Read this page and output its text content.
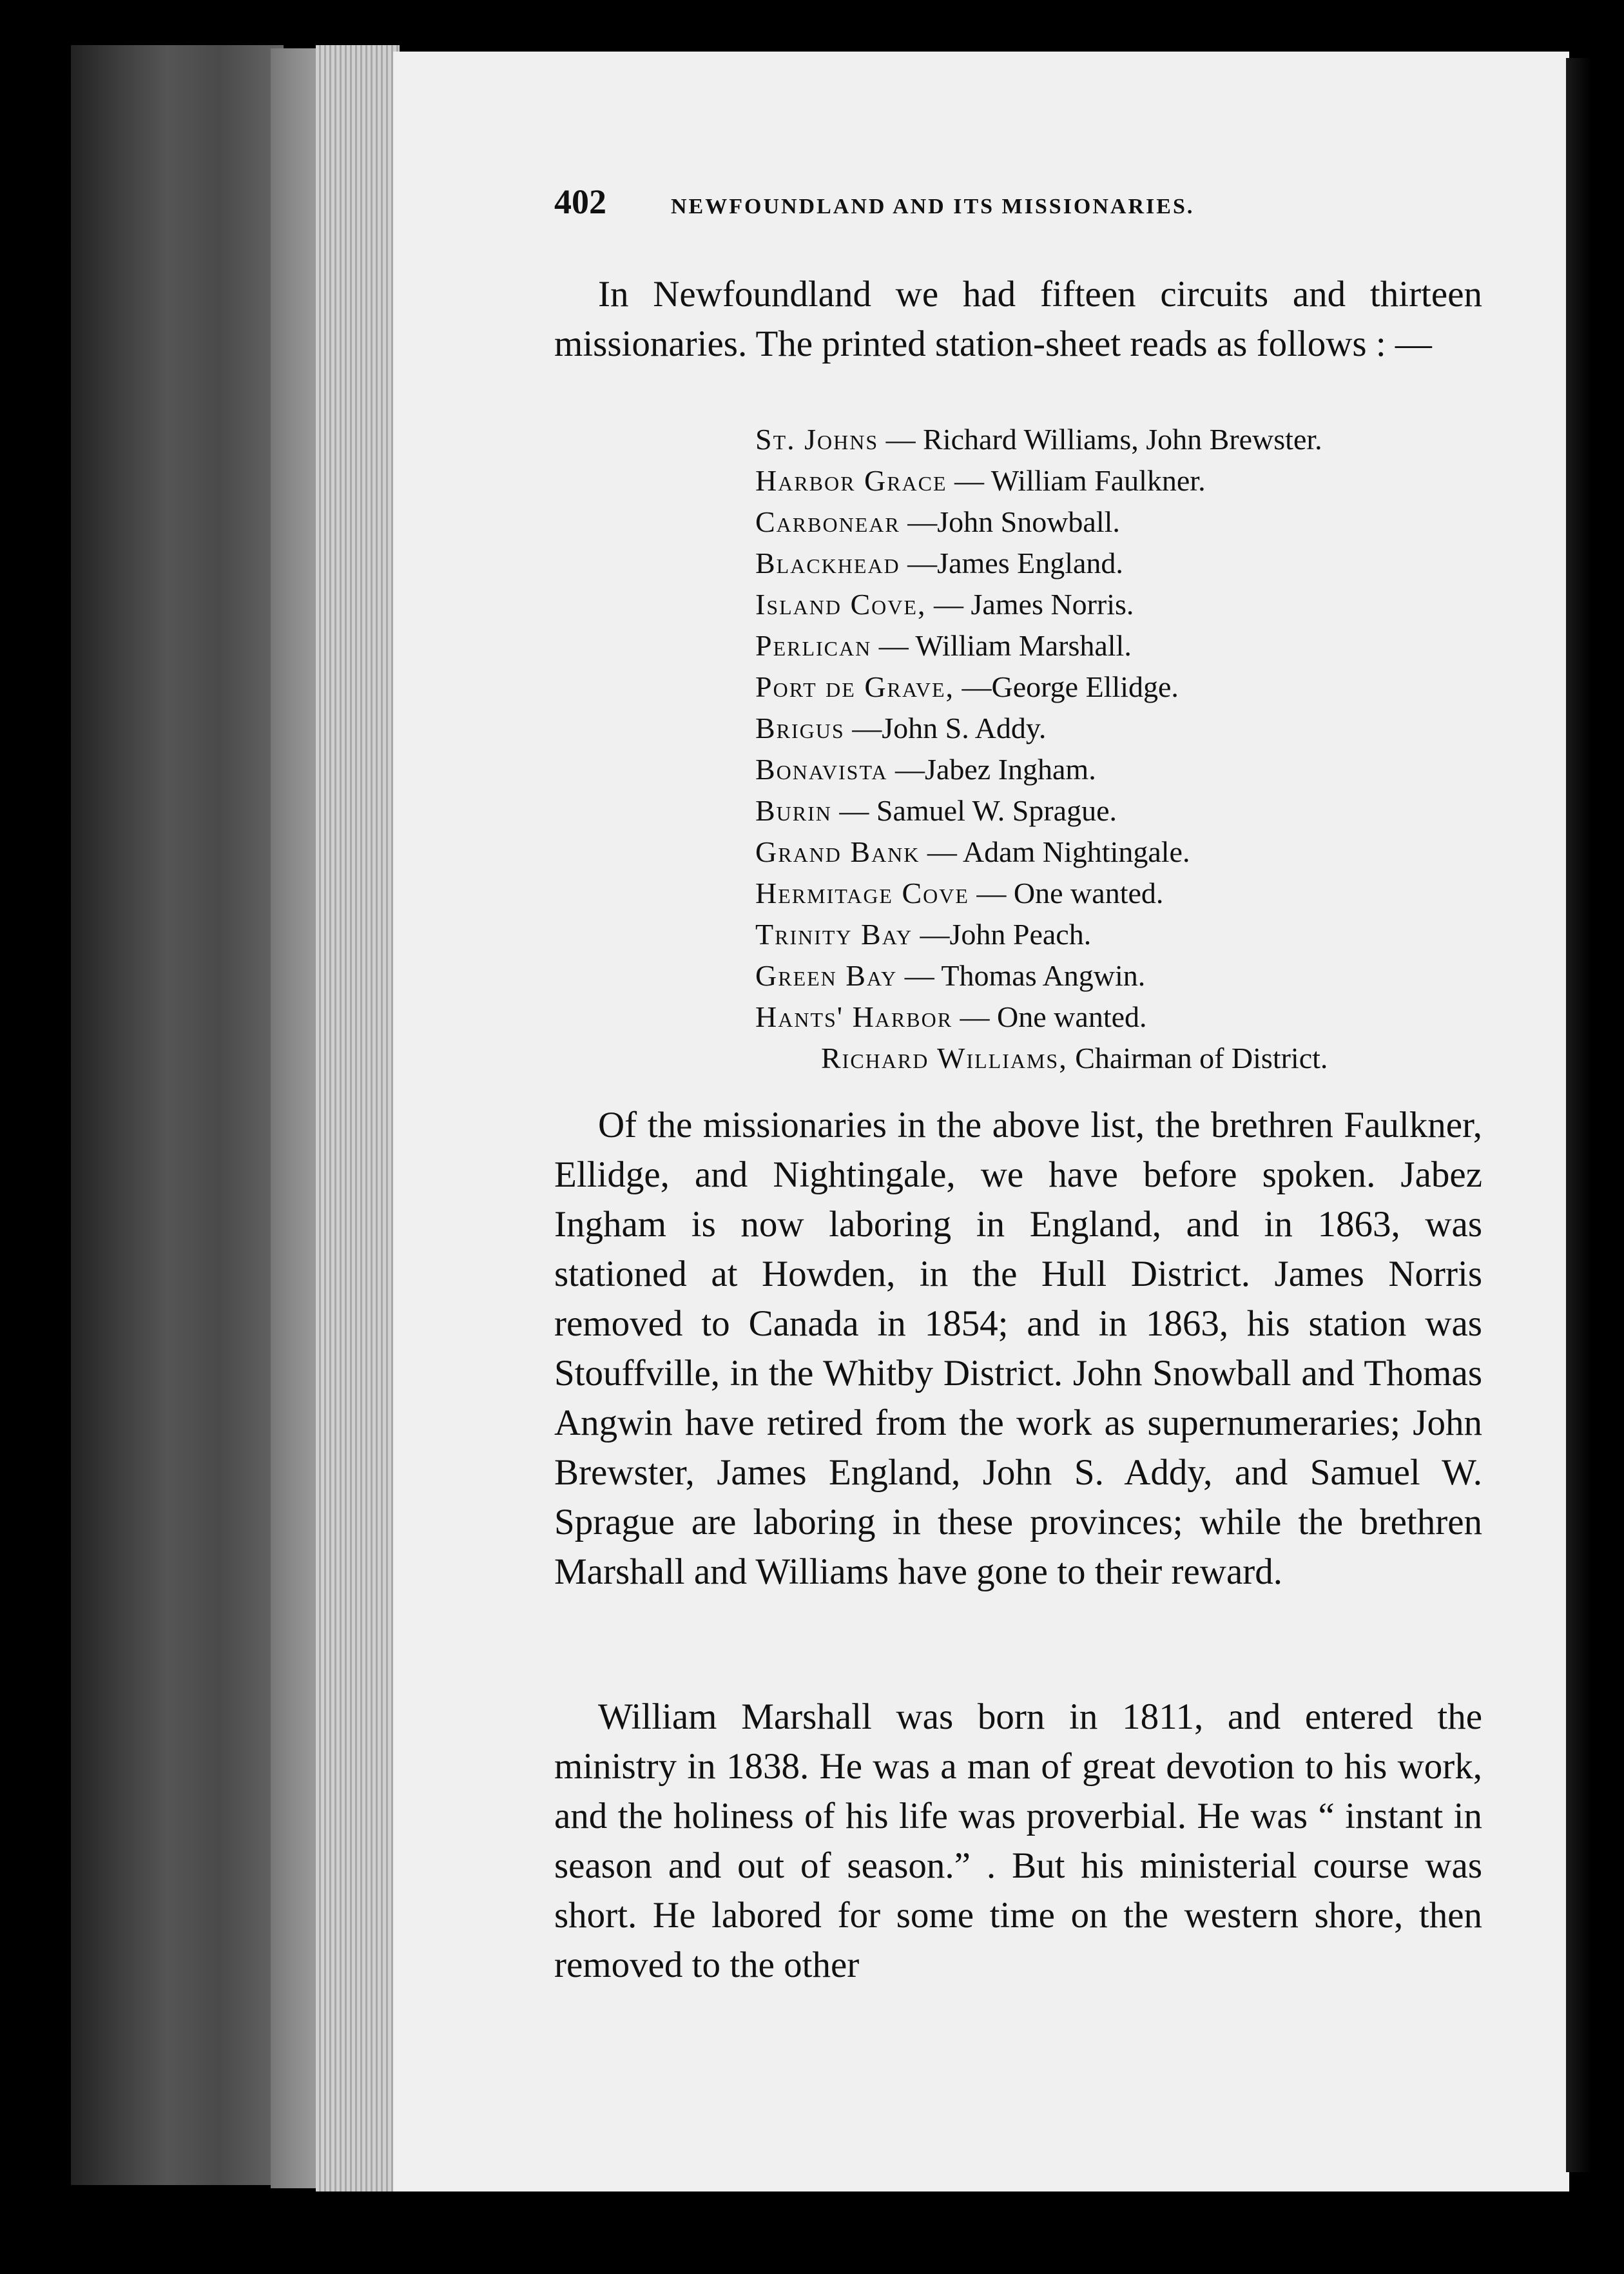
402	NEWFOUNDLAND AND ITS MISSIONARIES.

In Newfoundland we had fifteen circuits and thirteen missionaries. The printed station-sheet reads as follows : —

St. Johns — Richard Williams, John Brewster.
Harbor Grace — William Faulkner.
Carbonear —John Snowball.
Blackhead —James England.
Island Cove, — James Norris.
Perlican — William Marshall.
Port de Grave, —George Ellidge.
Brigus —John S. Addy.
Bonavista —Jabez Ingham.
Burin — Samuel W. Sprague.
Grand Bank — Adam Nightingale.
Hermitage Cove — One wanted.
Trinity Bay —John Peach.
Green Bay — Thomas Angwin.
Hants' Harbor — One wanted.
Richard Williams, Chairman of District.

Of the missionaries in the above list, the brethren Faulkner, Ellidge, and Nightingale, we have before spoken. Jabez Ingham is now laboring in England, and in 1863, was stationed at Howden, in the Hull District. James Norris removed to Canada in 1854; and in 1863, his station was Stouffville, in the Whitby District. John Snowball and Thomas Angwin have retired from the work as supernumeraries; John Brewster, James England, John S. Addy, and Samuel W. Sprague are laboring in these provinces; while the brethren Marshall and Williams have gone to their reward.

William Marshall was born in 1811, and entered the ministry in 1838. He was a man of great devotion to his work, and the holiness of his life was proverbial. He was “ instant in season and out of season.” . But his ministerial course was short. He labored for some time on the western shore, then removed to the other
